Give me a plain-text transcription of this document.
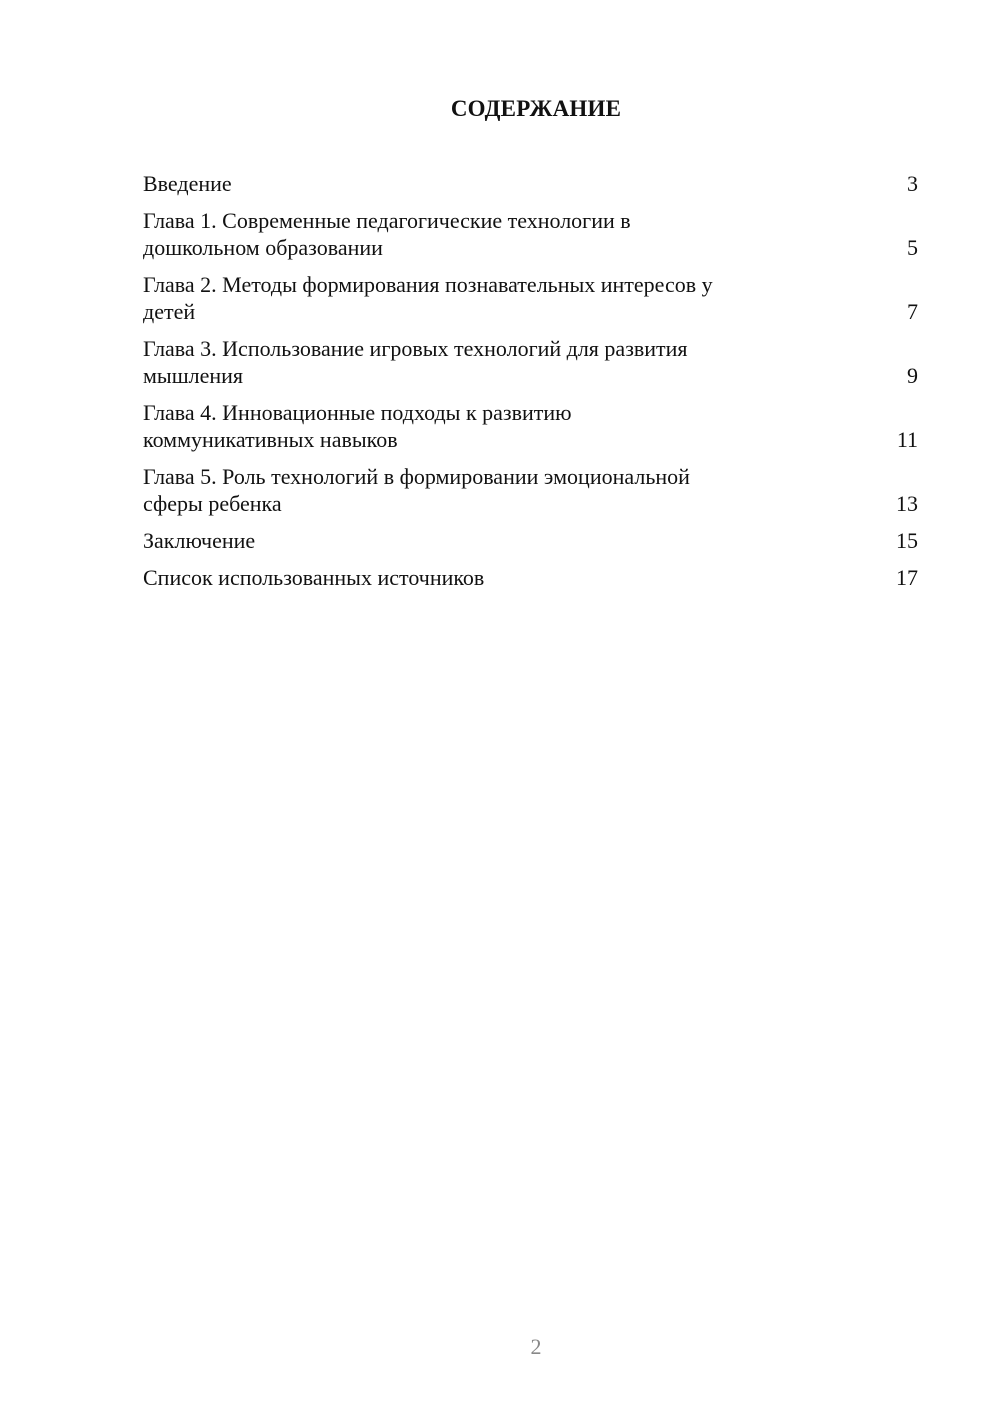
СОДЕРЖАНИЕ
Введение	3
Глава 1. Современные педагогические технологии в
дошкольном образовании	5
Глава 2. Методы формирования познавательных интересов у
детей	7
Глава 3. Использование игровых технологий для развития
мышления	9
Глава 4. Инновационные подходы к развитию
коммуникативных навыков	11
Глава 5. Роль технологий в формировании эмоциональной
сферы ребенка	13
Заключение	15
Список использованных источников	17
2
